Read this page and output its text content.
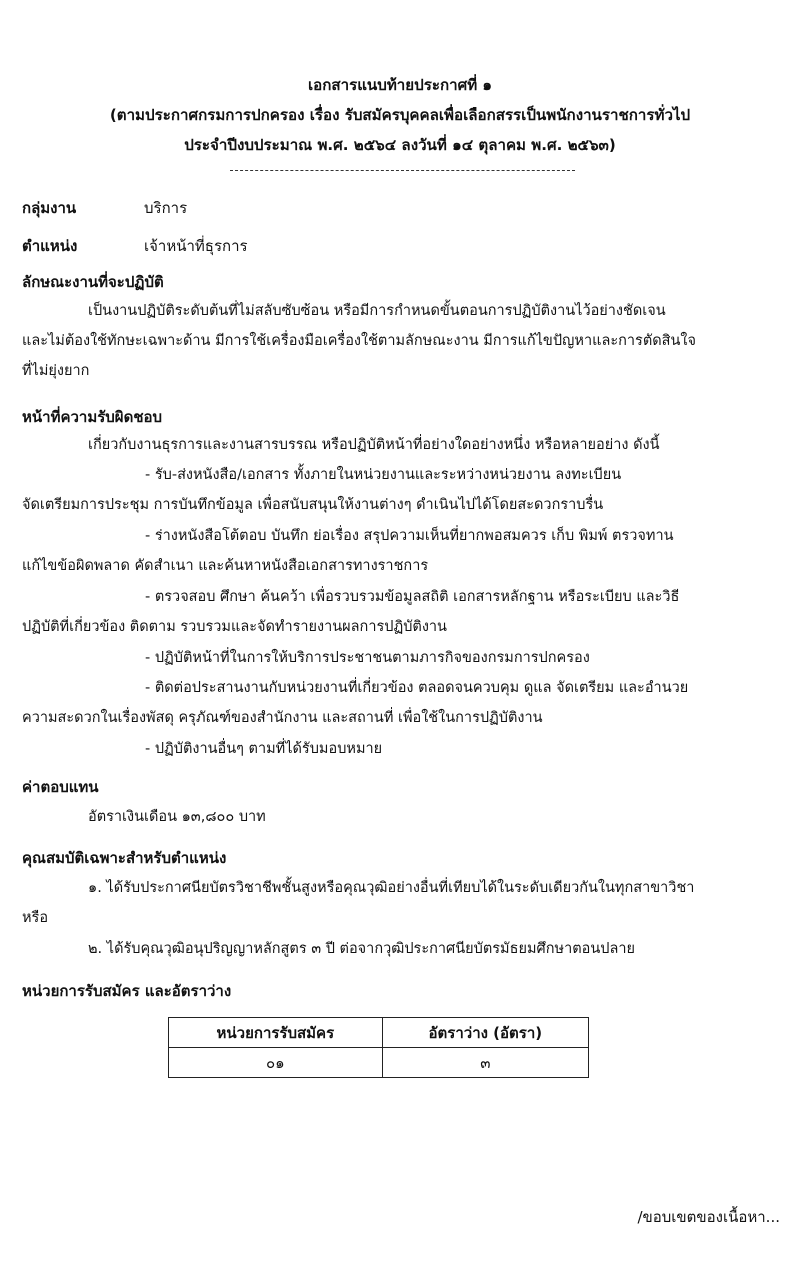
เอกสารแนบท้ายประกาศที่ ๑
(ตามประกาศกรมการปกครอง เรื่อง รับสมัครบุคคลเพื่อเลือกสรรเป็นพนักงานราชการทั่วไป
ประจำปีงบประมาณ พ.ศ. ๒๕๖๔ ลงวันที่ ๑๔ ตุลาคม พ.ศ. ๒๕๖๓)
กลุ่มงาน	บริการ
ตำแหน่ง	เจ้าหน้าที่ธุรการ
ลักษณะงานที่จะปฏิบัติ
เป็นงานปฏิบัติระดับต้นที่ไม่สลับซับซ้อน หรือมีการกำหนดขั้นตอนการปฏิบัติงานไว้อย่างชัดเจน
และไม่ต้องใช้ทักษะเฉพาะด้าน มีการใช้เครื่องมือเครื่องใช้ตามลักษณะงาน มีการแก้ไขปัญหาและการตัดสินใจ
ที่ไม่ยุ่งยาก
หน้าที่ความรับผิดชอบ
เกี่ยวกับงานธุรการและงานสารบรรณ หรือปฏิบัติหน้าที่อย่างใดอย่างหนึ่ง หรือหลายอย่าง ดังนี้
- รับ-ส่งหนังสือ/เอกสาร ทั้งภายในหน่วยงานและระหว่างหน่วยงาน ลงทะเบียน
จัดเตรียมการประชุม การบันทึกข้อมูล เพื่อสนับสนุนให้งานต่างๆ ดำเนินไปได้โดยสะดวกราบรื่น
- ร่างหนังสือโต้ตอบ บันทึก ย่อเรื่อง สรุปความเห็นที่ยากพอสมควร เก็บ พิมพ์ ตรวจทาน
แก้ไขข้อผิดพลาด คัดสำเนา และค้นหาหนังสือเอกสารทางราชการ
- ตรวจสอบ ศึกษา ค้นคว้า เพื่อรวบรวมข้อมูลสถิติ เอกสารหลักฐาน หรือระเบียบ และวิธี
ปฏิบัติที่เกี่ยวข้อง ติดตาม รวบรวมและจัดทำรายงานผลการปฏิบัติงาน
- ปฏิบัติหน้าที่ในการให้บริการประชาชนตามภารกิจของกรมการปกครอง
- ติดต่อประสานงานกับหน่วยงานที่เกี่ยวข้อง ตลอดจนควบคุม ดูแล จัดเตรียม และอำนวย
ความสะดวกในเรื่องพัสดุ ครุภัณฑ์ของสำนักงาน และสถานที่ เพื่อใช้ในการปฏิบัติงาน
- ปฏิบัติงานอื่นๆ ตามที่ได้รับมอบหมาย
ค่าตอบแทน
อัตราเงินเดือน ๑๓,๘๐๐ บาท
คุณสมบัติเฉพาะสำหรับตำแหน่ง
๑. ได้รับประกาศนียบัตรวิชาชีพชั้นสูงหรือคุณวุฒิอย่างอื่นที่เทียบได้ในระดับเดียวกันในทุกสาขาวิชา
หรือ
๒. ได้รับคุณวุฒิอนุปริญญาหลักสูตร ๓ ปี ต่อจากวุฒิประกาศนียบัตรมัธยมศึกษาตอนปลาย
หน่วยการรับสมัคร และอัตราว่าง
หน่วยการรับสมัคร	อัตราว่าง (อัตรา)
๐๑	๓
/ขอบเขตของเนื้อหา...
